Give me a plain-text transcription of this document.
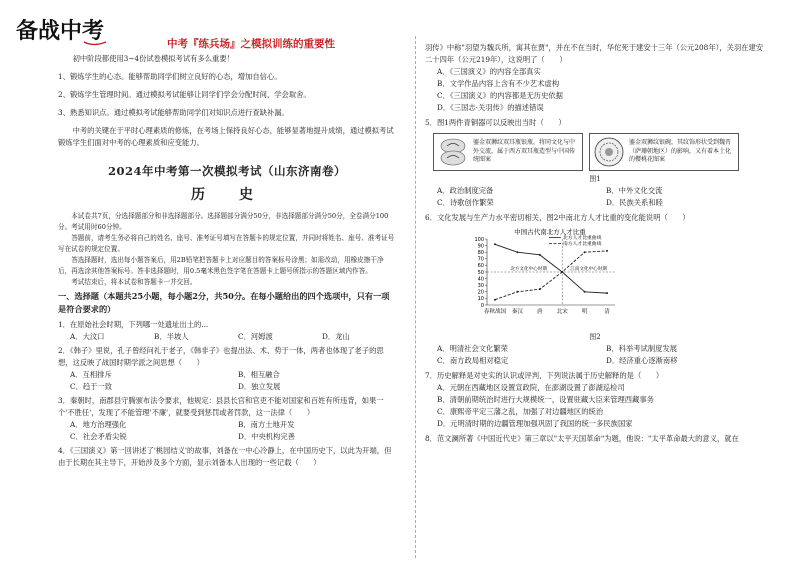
备战中考	中考『练兵场』之模拟训练的重要性

初中阶段都使用3~4份试卷模拟考试有多么重要！

1、锻炼学生的心态。能够帮助同学们树立良好的心态，增加自信心。

2、锻炼学生管理时间。通过模拟考试能够让同学们学会分配时间，学会取舍。

3、熟悉知识点。通过模拟考试能够帮助同学们对知识点进行查缺补漏。

中考的关键在于平时心理素质的修炼，在考场上保持良好心态，能够显著地提升成绩，通过模拟考试锻炼学生们面对中考的心理素质和应变能力。

2024年中考第一次模拟考试（山东济南卷）
历　史

本试卷共7页，分选择题部分和非选择题部分。选择题部分满分50分，非选择题部分满分50分，全卷满分100分。考试用时60分钟。

答题前，请考生务必将自己的姓名、座号、准考证号填写在答题卡的规定位置，并同时将姓名、座号、准考证号写在试卷的规定位置。

答选择题时，选出每小题答案后，用2B铅笔把答题卡上对应题目的答案标号涂黑；如需改动，用橡皮擦干净后，再选涂其他答案标号。答非选择题时，用0.5毫米黑色签字笔在答题卡上题号所指示的答题区域内作答。

考试结束后，将本试卷和答题卡一并交回。

一、选择题（本题共25小题，每小题2分，共50分。在每小题给出的四个选项中，只有一项是符合要求的）
1．在原始社会时期，下列哪一处遗址出土的...
A．大汶口	B．半坡人	C．河姆渡	D．龙山
2．《韩子》里说，孔子曾经问礼于老子，《韩非子》也提出法、术、势于一体，两者也体现了老子的思想，这反映了战国时期学派之间思想（　　）
A．互相排斥	B．相互融合
C．趋于一致	D．独立发展
3．秦朝时，南郡县守腾颁布法令要求，他规定：县县长官和官吏不能对国家和百姓有所违背，如果一个'不胜任'，发现了不能管理'不廉'，就要受到惩罚或者罚款，这一法律（　　）
A．地方治理强化	B．南方土地开发
C．社会矛盾尖锐	D．中央机构完善
4．《三国演义》第一回讲述了'桃园结义'的故事，刘备在一中心冷静上，在中国历史下，以此为开端，但由于长期在其主导下，开始涉及多个方面，显示刘备本人出现的一些记载（　　）
羽传》中称"羽望为魏兵所，寓其在贾"，并在不在当时，华佗死于建安十三年（公元208年），关羽在建安二十四年（公元219年），这说明了（　　）
A．《三国演义》的内容全部真实
B．文学作品内容上含有不少艺术虚构
C．《三国演义》的内容都是无历史依据
D．《三国志·关羽传》的描述错误
5．图1两件青铜器可以反映出当时（　　）
鎏金双狮纹双耳瓶银瓶，将同文化与中外交流，属于西方双耳瓶造型与中国传统图案
鎏金双狮纹银碗，其纹饰形状受到魏晋（萨珊朝地区）的影响，又有着本土化的樱桃花图案
图1
A．政治制度完备	B．中外文化交流
C．诗歌创作繁荣	D．民族关系和睦
6．文化发展与生产力水平密切相关，图2中南北方人才比重的变化能说明（　　）
中国古代南北方人才比重
北方人才比重曲线
南方人才比重曲线
0
10
20
30
40
50
60
70
80
90
100
春秋战国 秦汉	唐	北宋	明	清
北方文化中心时期	江南文化中心时期
图2
A．明清社会文化繁荣	B．科举考试制度发展
C．南方政局相对稳定	D．经济重心逐渐南移
7．历史解释是对史实的认识或评判，下列说法属于历史解释的是（　　）
A．元朝在西藏地区设置宣政院，在澎湖设置了澎湖巡检司
B．清朝前期统治时进行大规模统一，设置驻藏大臣来管理西藏事务
C．康熙帝平定三藩之乱，加强了对边疆地区的统治
D．元明清时期的边疆管理加强巩固了我国的统一多民族国家
8．范文澜所著《中国近代史》第三章以"太平天国革命"为题，他说："太平革命最大的意义，就在
